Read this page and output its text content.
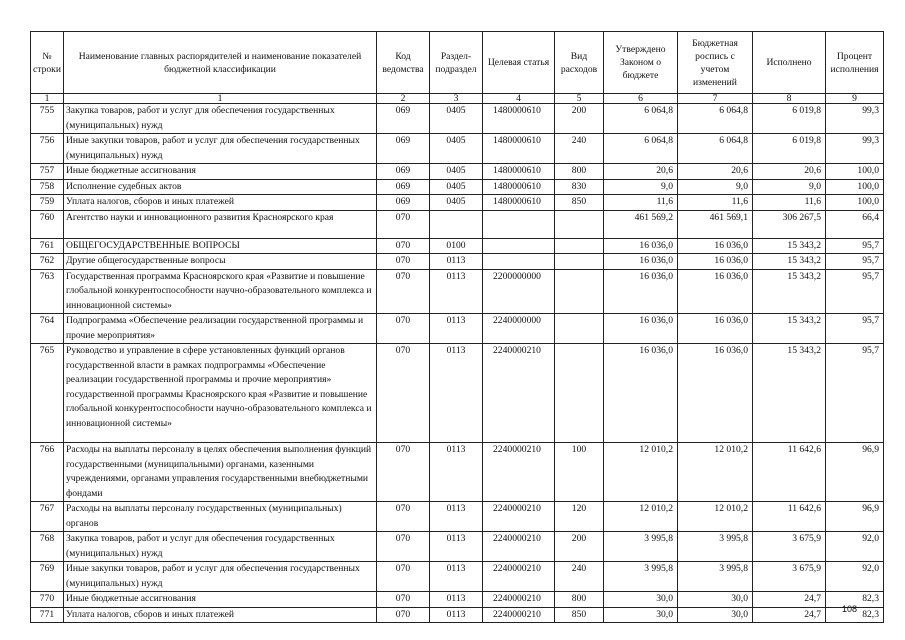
№ строки	Наименование главных распорядителей и наименование показателей бюджетной классификации	Код ведомства	Раздел-подраздел	Целевая статья	Вид расходов	Утверждено Законом о бюджете	Бюджетная роспись с учетом изменений	Исполнено	Процент исполнения
1	1	2	3	4	5	6	7	8	9
755	Закупка товаров, работ и услуг для обеспечения государственных (муниципальных) нужд	069	0405	1480000610	200	6 064,8	6 064,8	6 019,8	99,3
756	Иные закупки товаров, работ и услуг для обеспечения государственных (муниципальных) нужд	069	0405	1480000610	240	6 064,8	6 064,8	6 019,8	99,3
757	Иные бюджетные ассигнования	069	0405	1480000610	800	20,6	20,6	20,6	100,0
758	Исполнение судебных актов	069	0405	1480000610	830	9,0	9,0	9,0	100,0
759	Уплата налогов, сборов и иных платежей	069	0405	1480000610	850	11,6	11,6	11,6	100,0
760	Агентство науки и инновационного развития Красноярского края	070				461 569,2	461 569,1	306 267,5	66,4
761	ОБЩЕГОСУДАРСТВЕННЫЕ ВОПРОСЫ	070	0100			16 036,0	16 036,0	15 343,2	95,7
762	Другие общегосударственные вопросы	070	0113			16 036,0	16 036,0	15 343,2	95,7
763	Государственная программа Красноярского края «Развитие и повышение глобальной конкурентоспособности научно-образовательного комплекса и инновационной системы»	070	0113	2200000000		16 036,0	16 036,0	15 343,2	95,7
764	Подпрограмма «Обеспечение реализации государственной программы и прочие мероприятия»	070	0113	2240000000		16 036,0	16 036,0	15 343,2	95,7
765	Руководство и управление в сфере установленных функций органов государственной власти в рамках подпрограммы «Обеспечение реализации государственной программы и прочие мероприятия» государственной программы Красноярского края «Развитие и повышение глобальной конкурентоспособности научно-образовательного комплекса и инновационной системы»	070	0113	2240000210		16 036,0	16 036,0	15 343,2	95,7
766	Расходы на выплаты персоналу в целях обеспечения выполнения функций государственными (муниципальными) органами, казенными учреждениями, органами управления государственными внебюджетными фондами	070	0113	2240000210	100	12 010,2	12 010,2	11 642,6	96,9
767	Расходы на выплаты персоналу государственных (муниципальных) органов	070	0113	2240000210	120	12 010,2	12 010,2	11 642,6	96,9
768	Закупка товаров, работ и услуг для обеспечения государственных (муниципальных) нужд	070	0113	2240000210	200	3 995,8	3 995,8	3 675,9	92,0
769	Иные закупки товаров, работ и услуг для обеспечения государственных (муниципальных) нужд	070	0113	2240000210	240	3 995,8	3 995,8	3 675,9	92,0
770	Иные бюджетные ассигнования	070	0113	2240000210	800	30,0	30,0	24,7	82,3
771	Уплата налогов, сборов и иных платежей	070	0113	2240000210	850	30,0	30,0	24,7	82,3
108
